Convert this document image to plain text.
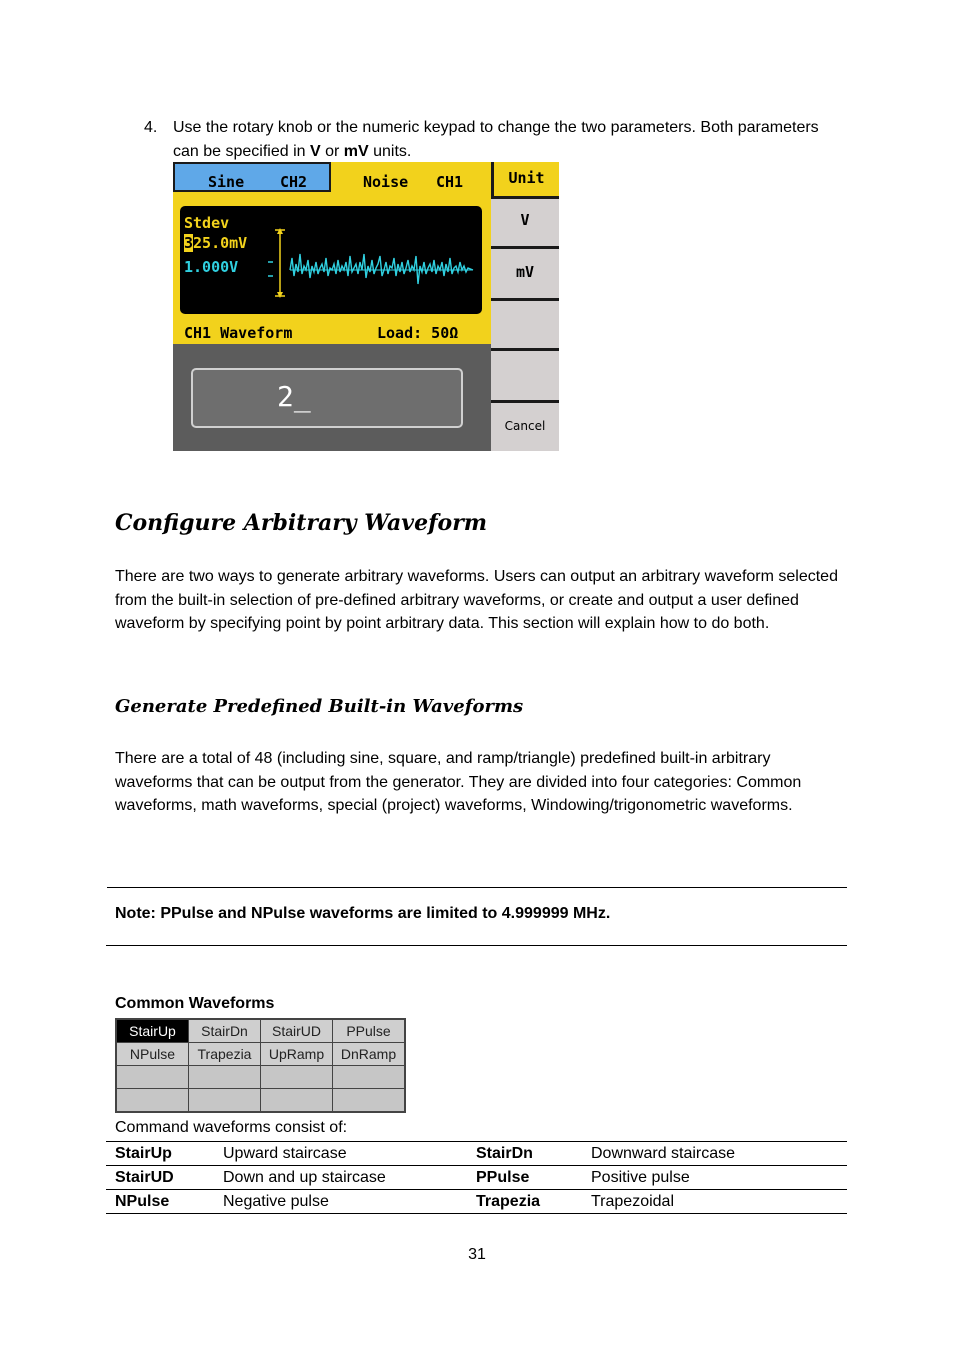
4. Use the rotary knob or the numeric keypad to change the two parameters. Both parameters can be specified in V or mV units.
Sine CH2	Noise CH1
Stdev
325.0mV
1.000V
CH1 Waveform	Load: 50Ω
2_
Unit
V
mV
Cancel
Configure Arbitrary Waveform
There are two ways to generate arbitrary waveforms. Users can output an arbitrary waveform selected from the built-in selection of pre-defined arbitrary waveforms, or create and output a user defined waveform by specifying point by point arbitrary data. This section will explain how to do both.
Generate Predefined Built-in Waveforms
There are a total of 48 (including sine, square, and ramp/triangle) predefined built-in arbitrary waveforms that can be output from the generator. They are divided into four categories: Common waveforms, math waveforms, special (project) waveforms, Windowing/trigonometric waveforms.
Note: PPulse and NPulse waveforms are limited to 4.999999 MHz.
Common Waveforms
StairUp	StairDn	StairUD	PPulse
NPulse	Trapezia	UpRamp	DnRamp

Command waveforms consist of:
StairUp	Upward staircase	StairDn	Downward staircase
StairUD	Down and up staircase	PPulse	Positive pulse
NPulse	Negative pulse	Trapezia	Trapezoidal
31
